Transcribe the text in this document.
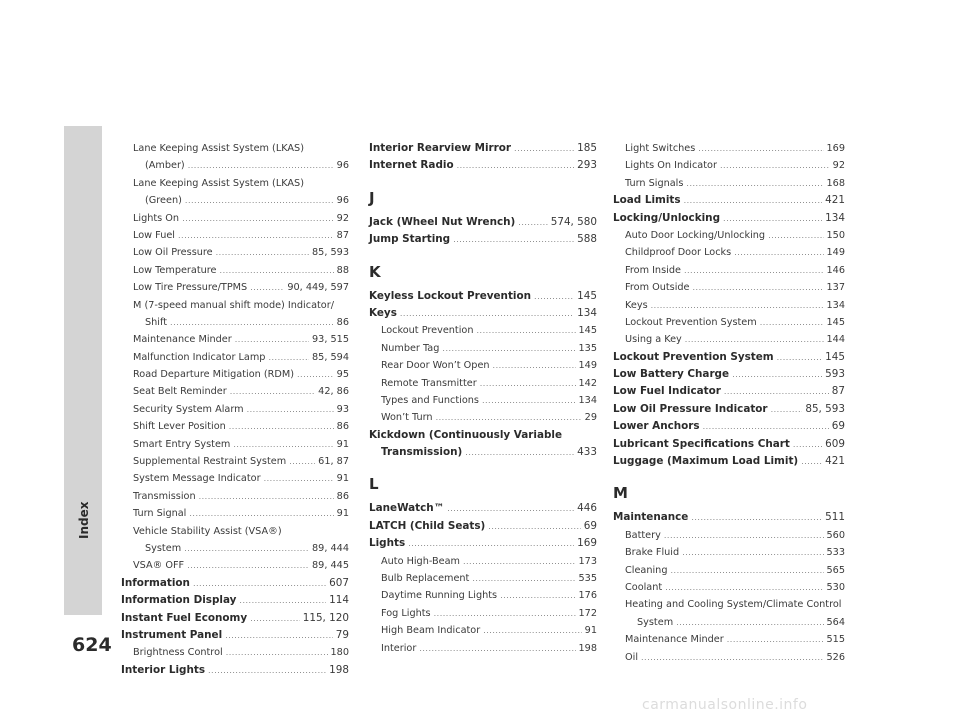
Index
624
Lane Keeping Assist System (LKAS)
(Amber) .....	96
Lane Keeping Assist System (LKAS)
(Green) .....	96
Lights On .....	92
Low Fuel .....	87
Low Oil Pressure .....	85, 593
Low Temperature .....	88
Low Tire Pressure/TPMS .....	90, 449, 597
M (7-speed manual shift mode) Indicator/
Shift .....	86
Maintenance Minder .....	93, 515
Malfunction Indicator Lamp .....	85, 594
Road Departure Mitigation (RDM) .....	95
Seat Belt Reminder .....	42, 86
Security System Alarm .....	93
Shift Lever Position .....	86
Smart Entry System .....	91
Supplemental Restraint System .....	61, 87
System Message Indicator .....	91
Transmission .....	86
Turn Signal .....	91
Vehicle Stability Assist (VSA®)
System .....	89, 444
VSA® OFF .....	89, 445
Information .....	607
Information Display .....	114
Instant Fuel Economy .....	115, 120
Instrument Panel .....	79
Brightness Control .....	180
Interior Lights .....	198
Interior Rearview Mirror .....	185
Internet Radio .....	293
J
Jack (Wheel Nut Wrench) .....	574, 580
Jump Starting .....	588
K
Keyless Lockout Prevention .....	145
Keys .....	134
Lockout Prevention .....	145
Number Tag .....	135
Rear Door Won’t Open .....	149
Remote Transmitter .....	142
Types and Functions .....	134
Won’t Turn .....	29
Kickdown (Continuously Variable
Transmission) .....	433
L
LaneWatch™ .....	446
LATCH (Child Seats) .....	69
Lights .....	169
Auto High-Beam .....	173
Bulb Replacement .....	535
Daytime Running Lights .....	176
Fog Lights .....	172
High Beam Indicator .....	91
Interior .....	198
Light Switches .....	169
Lights On Indicator .....	92
Turn Signals .....	168
Load Limits .....	421
Locking/Unlocking .....	134
Auto Door Locking/Unlocking .....	150
Childproof Door Locks .....	149
From Inside .....	146
From Outside .....	137
Keys .....	134
Lockout Prevention System .....	145
Using a Key .....	144
Lockout Prevention System .....	145
Low Battery Charge .....	593
Low Fuel Indicator .....	87
Low Oil Pressure Indicator .....	85, 593
Lower Anchors .....	69
Lubricant Specifications Chart .....	609
Luggage (Maximum Load Limit) .....	421
M
Maintenance .....	511
Battery .....	560
Brake Fluid .....	533
Cleaning .....	565
Coolant .....	530
Heating and Cooling System/Climate Control
System .....	564
Maintenance Minder .....	515
Oil .....	526
carmanualsonline.info
